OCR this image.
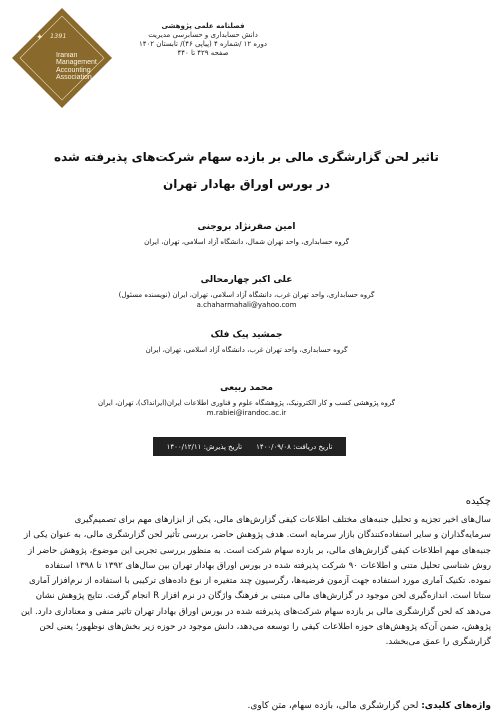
✦ 1391
Iranian Management Accounting Association
فصلنامه علمی پژوهشی
دانش حسابداری و حسابرسی مدیریت
دوره ۱۲ /شماره ۴ (پیاپی ۴۶)/ تابستان ۱۴۰۲
صفحه ۴۲۹ تا ۴۴۰
تاثیر لحن گزارشگری مالی بر بازده سهام شرکت‌های پذیرفته شده
در بورس اوراق بهادار تهران
امین صفرنژاد بروجنی
گروه حسابداری، واحد تهران شمال، دانشگاه آزاد اسلامی، تهران، ایران
علی اکبر چهارمحالی
گروه حسابداری، واحد تهران غرب، دانشگاه آزاد اسلامی، تهران، ایران (نویسنده مسئول)
a.chaharmahali@yahoo.com
جمشید پیک فلک
گروه حسابداری، واحد تهران غرب، دانشگاه آزاد اسلامی، تهران، ایران
محمد ربیعی
گروه پژوهشی کسب و کار الکترونیک، پژوهشگاه علوم و فناوری اطلاعات ایران(ایرانداک)، تهران، ایران
m.rabiei@irandoc.ac.ir
تاریخ دریافت: ۱۴۰۰/۰۹/۰۸
تاریخ پذیرش: ۱۴۰۰/۱۲/۱۱
چکیده
سال‌های اخیر تجزیه و تحلیل جنبه‌های مختلف اطلاعات کیفی گزارش‌های مالی، یکی از ابزارهای مهم برای تصمیم‌گیری
سرمایه‌گذاران و سایر استفاده‌کنندگان بازار سرمایه است. هدف پژوهش حاضر، بررسی تأثیر لحن گزارشگری مالی، به عنوان یکی از
جنبه‌های مهم اطلاعات کیفی گزارش‌های مالی، بر بازده سهام شرکت است. به منظور بررسی تجربی این موضوع، پژوهش حاضر از
روش شناسی تحلیل متنی و اطلاعات ۹۰ شرکت پذیرفته شده در بورس اوراق بهادار تهران بین سال‌های ۱۳۹۲ تا ۱۳۹۸ استفاده
نموده. تکنیک آماری مورد استفاده جهت آزمون فرضیه‌ها، رگرسیون چند متغیره از نوع داده‌های ترکیبی با استفاده از نرم‌افزار آماری
ستاتا است. اندازه‌گیری لحن موجود در گزارش‌های مالی مبتنی بر فرهنگ واژگان در نرم افزار R انجام گرفت. نتایج پژوهش نشان
می‌دهد که لحن گزارشگری مالی بر بازده سهام شرکت‌های پذیرفته شده در بورس اوراق بهادار تهران تاثیر منفی و معناداری دارد. این
پژوهش، ضمن آن‌که پژوهش‌های حوزه اطلاعات کیفی را توسعه می‌دهد، دانش موجود در حوزه زیر بخش‌های نوظهور؛ یعنی لحن
گزارشگری را عمق می‌بخشد.
واژه‌های کلیدی: لحن گزارشگری مالی، بازده سهام، متن کاوی.
